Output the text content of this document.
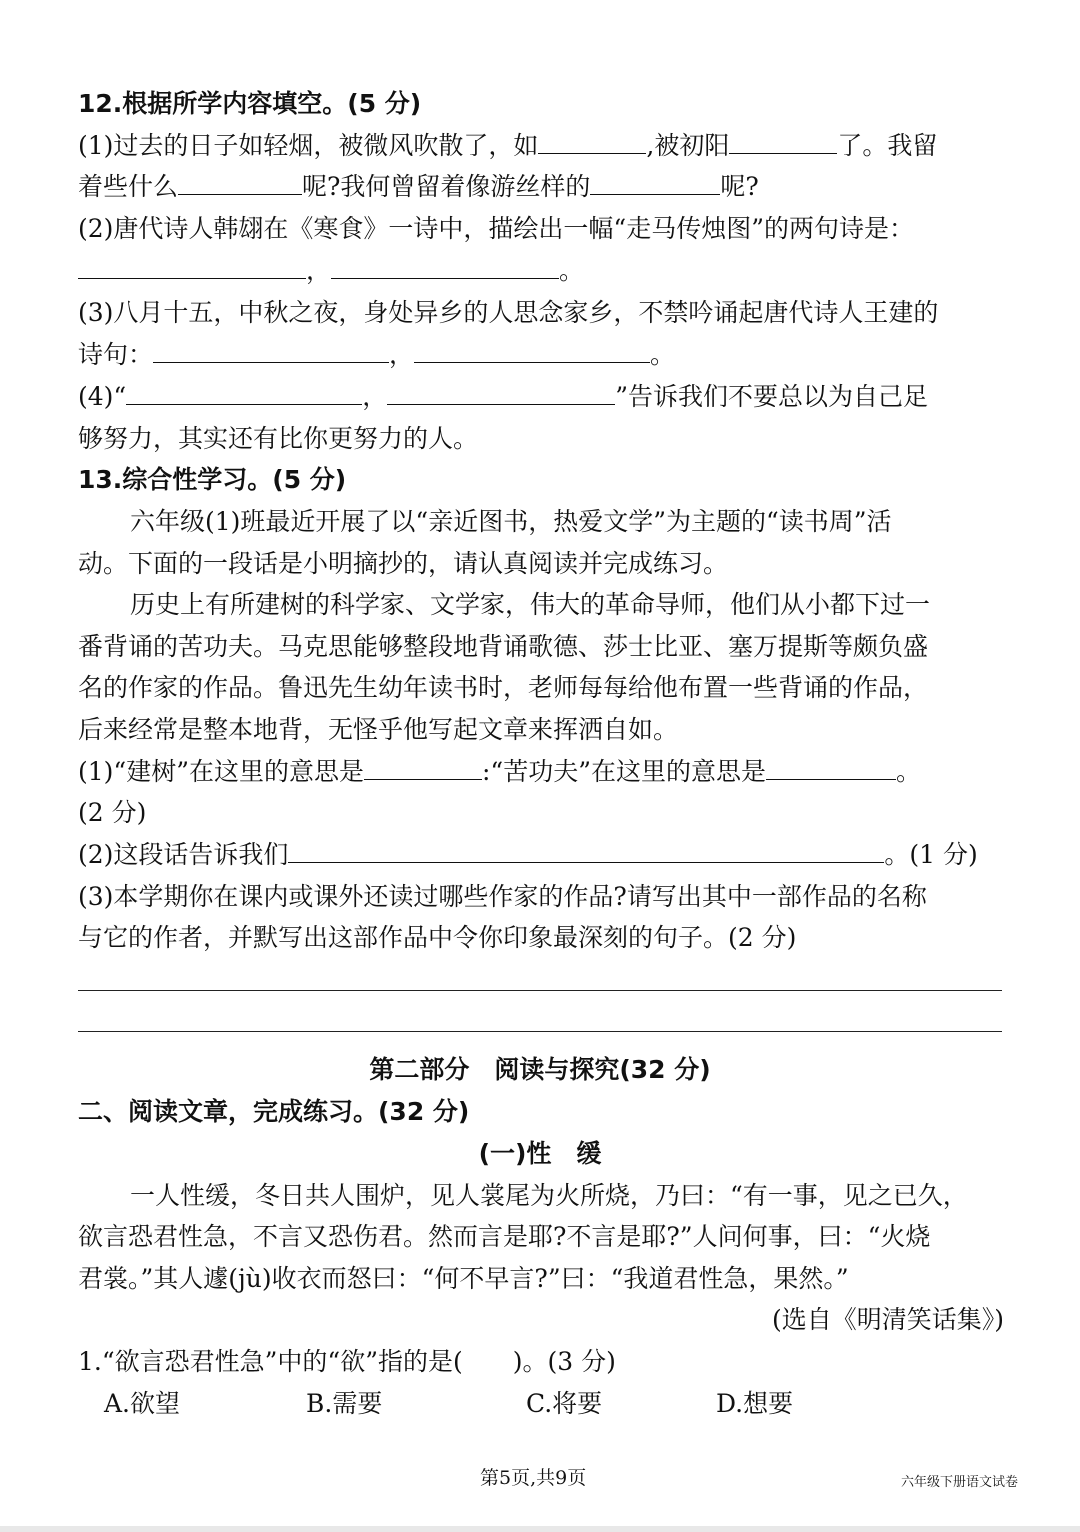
12.根据所学内容填空。(5 分)
(1)过去的日子如轻烟，被微风吹散了，如	,被初阳	了。我留
着些什么	呢?我何曾留着像游丝样的	呢?
(2)唐代诗人韩翃在《寒食》一诗中，描绘出一幅“走马传烛图”的两句诗是：
，	。
(3)八月十五，中秋之夜，身处异乡的人思念家乡，不禁吟诵起唐代诗人王建的
诗句：	，	。
(4)“	，	”告诉我们不要总以为自己足
够努力，其实还有比你更努力的人。
13.综合性学习。(5 分)
六年级(1)班最近开展了以“亲近图书，热爱文学”为主题的“读书周”活
动。下面的一段话是小明摘抄的，请认真阅读并完成练习。
历史上有所建树的科学家、文学家，伟大的革命导师，他们从小都下过一
番背诵的苦功夫。马克思能够整段地背诵歌德、莎士比亚、塞万提斯等颇负盛
名的作家的作品。鲁迅先生幼年读书时，老师每每给他布置一些背诵的作品，
后来经常是整本地背，无怪乎他写起文章来挥洒自如。
(1)“建树”在这里的意思是	:“苦功夫”在这里的意思是	。
(2 分)
(2)这段话告诉我们	。(1 分)
(3)本学期你在课内或课外还读过哪些作家的作品?请写出其中一部作品的名称
与它的作者，并默写出这部作品中令你印象最深刻的句子。(2 分)
第二部分　阅读与探究(32 分)
二、阅读文章，完成练习。(32 分)
(一)性　缓
一人性缓，冬日共人围炉，见人裳尾为火所烧，乃曰：“有一事，见之已久，
欲言恐君性急，不言又恐伤君。然而言是耶?不言是耶?”人问何事，曰：“火烧
君裳。”其人遽(jù)收衣而怒曰：“何不早言?”曰：“我道君性急，果然。”
(选自《明清笑话集》)
1.“欲言恐君性急”中的“欲”指的是(　　)。(3 分)
A.欲望	B.需要	C.将要	D.想要
第5页,共9页	六年级下册语文试卷
